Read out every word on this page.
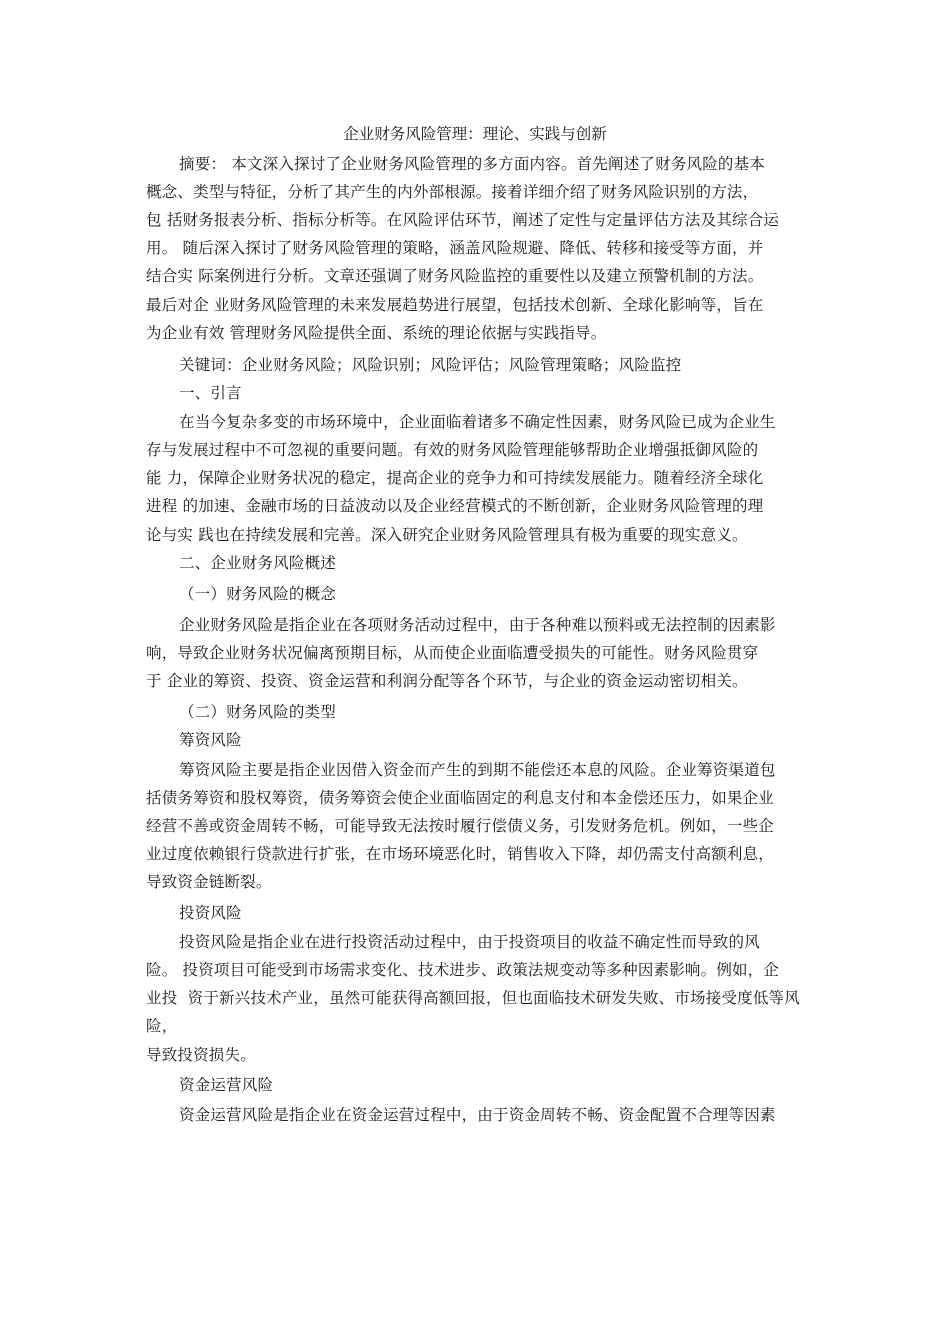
企业财务风险管理：理论、实践与创新
摘要： 本文深入探讨了企业财务风险管理的多方面内容。首先阐述了财务风险的基本
概念、类型与特征，分析了其产生的内外部根源。接着详细介绍了财务风险识别的方法，
包 括财务报表分析、指标分析等。在风险评估环节，阐述了定性与定量评估方法及其综合运
用。 随后深入探讨了财务风险管理的策略，涵盖风险规避、降低、转移和接受等方面，并
结合实 际案例进行分析。文章还强调了财务风险监控的重要性以及建立预警机制的方法。
最后对企 业财务风险管理的未来发展趋势进行展望，包括技术创新、全球化影响等，旨在
为企业有效 管理财务风险提供全面、系统的理论依据与实践指导。
关键词：企业财务风险；风险识别；风险评估；风险管理策略；风险监控
一、引言
在当今复杂多变的市场环境中，企业面临着诸多不确定性因素，财务风险已成为企业生
存与发展过程中不可忽视的重要问题。有效的财务风险管理能够帮助企业增强抵御风险的
能 力，保障企业财务状况的稳定，提高企业的竞争力和可持续发展能力。随着经济全球化
进程 的加速、金融市场的日益波动以及企业经营模式的不断创新，企业财务风险管理的理
论与实 践也在持续发展和完善。深入研究企业财务风险管理具有极为重要的现实意义。
二、企业财务风险概述
（一）财务风险的概念
企业财务风险是指企业在各项财务活动过程中，由于各种难以预料或无法控制的因素影
响，导致企业财务状况偏离预期目标，从而使企业面临遭受损失的可能性。财务风险贯穿
于 企业的筹资、投资、资金运营和利润分配等各个环节，与企业的资金运动密切相关。
（二）财务风险的类型
筹资风险
筹资风险主要是指企业因借入资金而产生的到期不能偿还本息的风险。企业筹资渠道包
括债务筹资和股权筹资，债务筹资会使企业面临固定的利息支付和本金偿还压力，如果企业
经营不善或资金周转不畅，可能导致无法按时履行偿债义务，引发财务危机。例如，一些企
业过度依赖银行贷款进行扩张，在市场环境恶化时，销售收入下降，却仍需支付高额利息，
导致资金链断裂。
投资风险
投资风险是指企业在进行投资活动过程中，由于投资项目的收益不确定性而导致的风
险。 投资项目可能受到市场需求变化、技术进步、政策法规变动等多种因素影响。例如，企
业投  资于新兴技术产业，虽然可能获得高额回报，但也面临技术研发失败、市场接受度低等风
险，
导致投资损失。
资金运营风险
资金运营风险是指企业在资金运营过程中，由于资金周转不畅、资金配置不合理等因素
